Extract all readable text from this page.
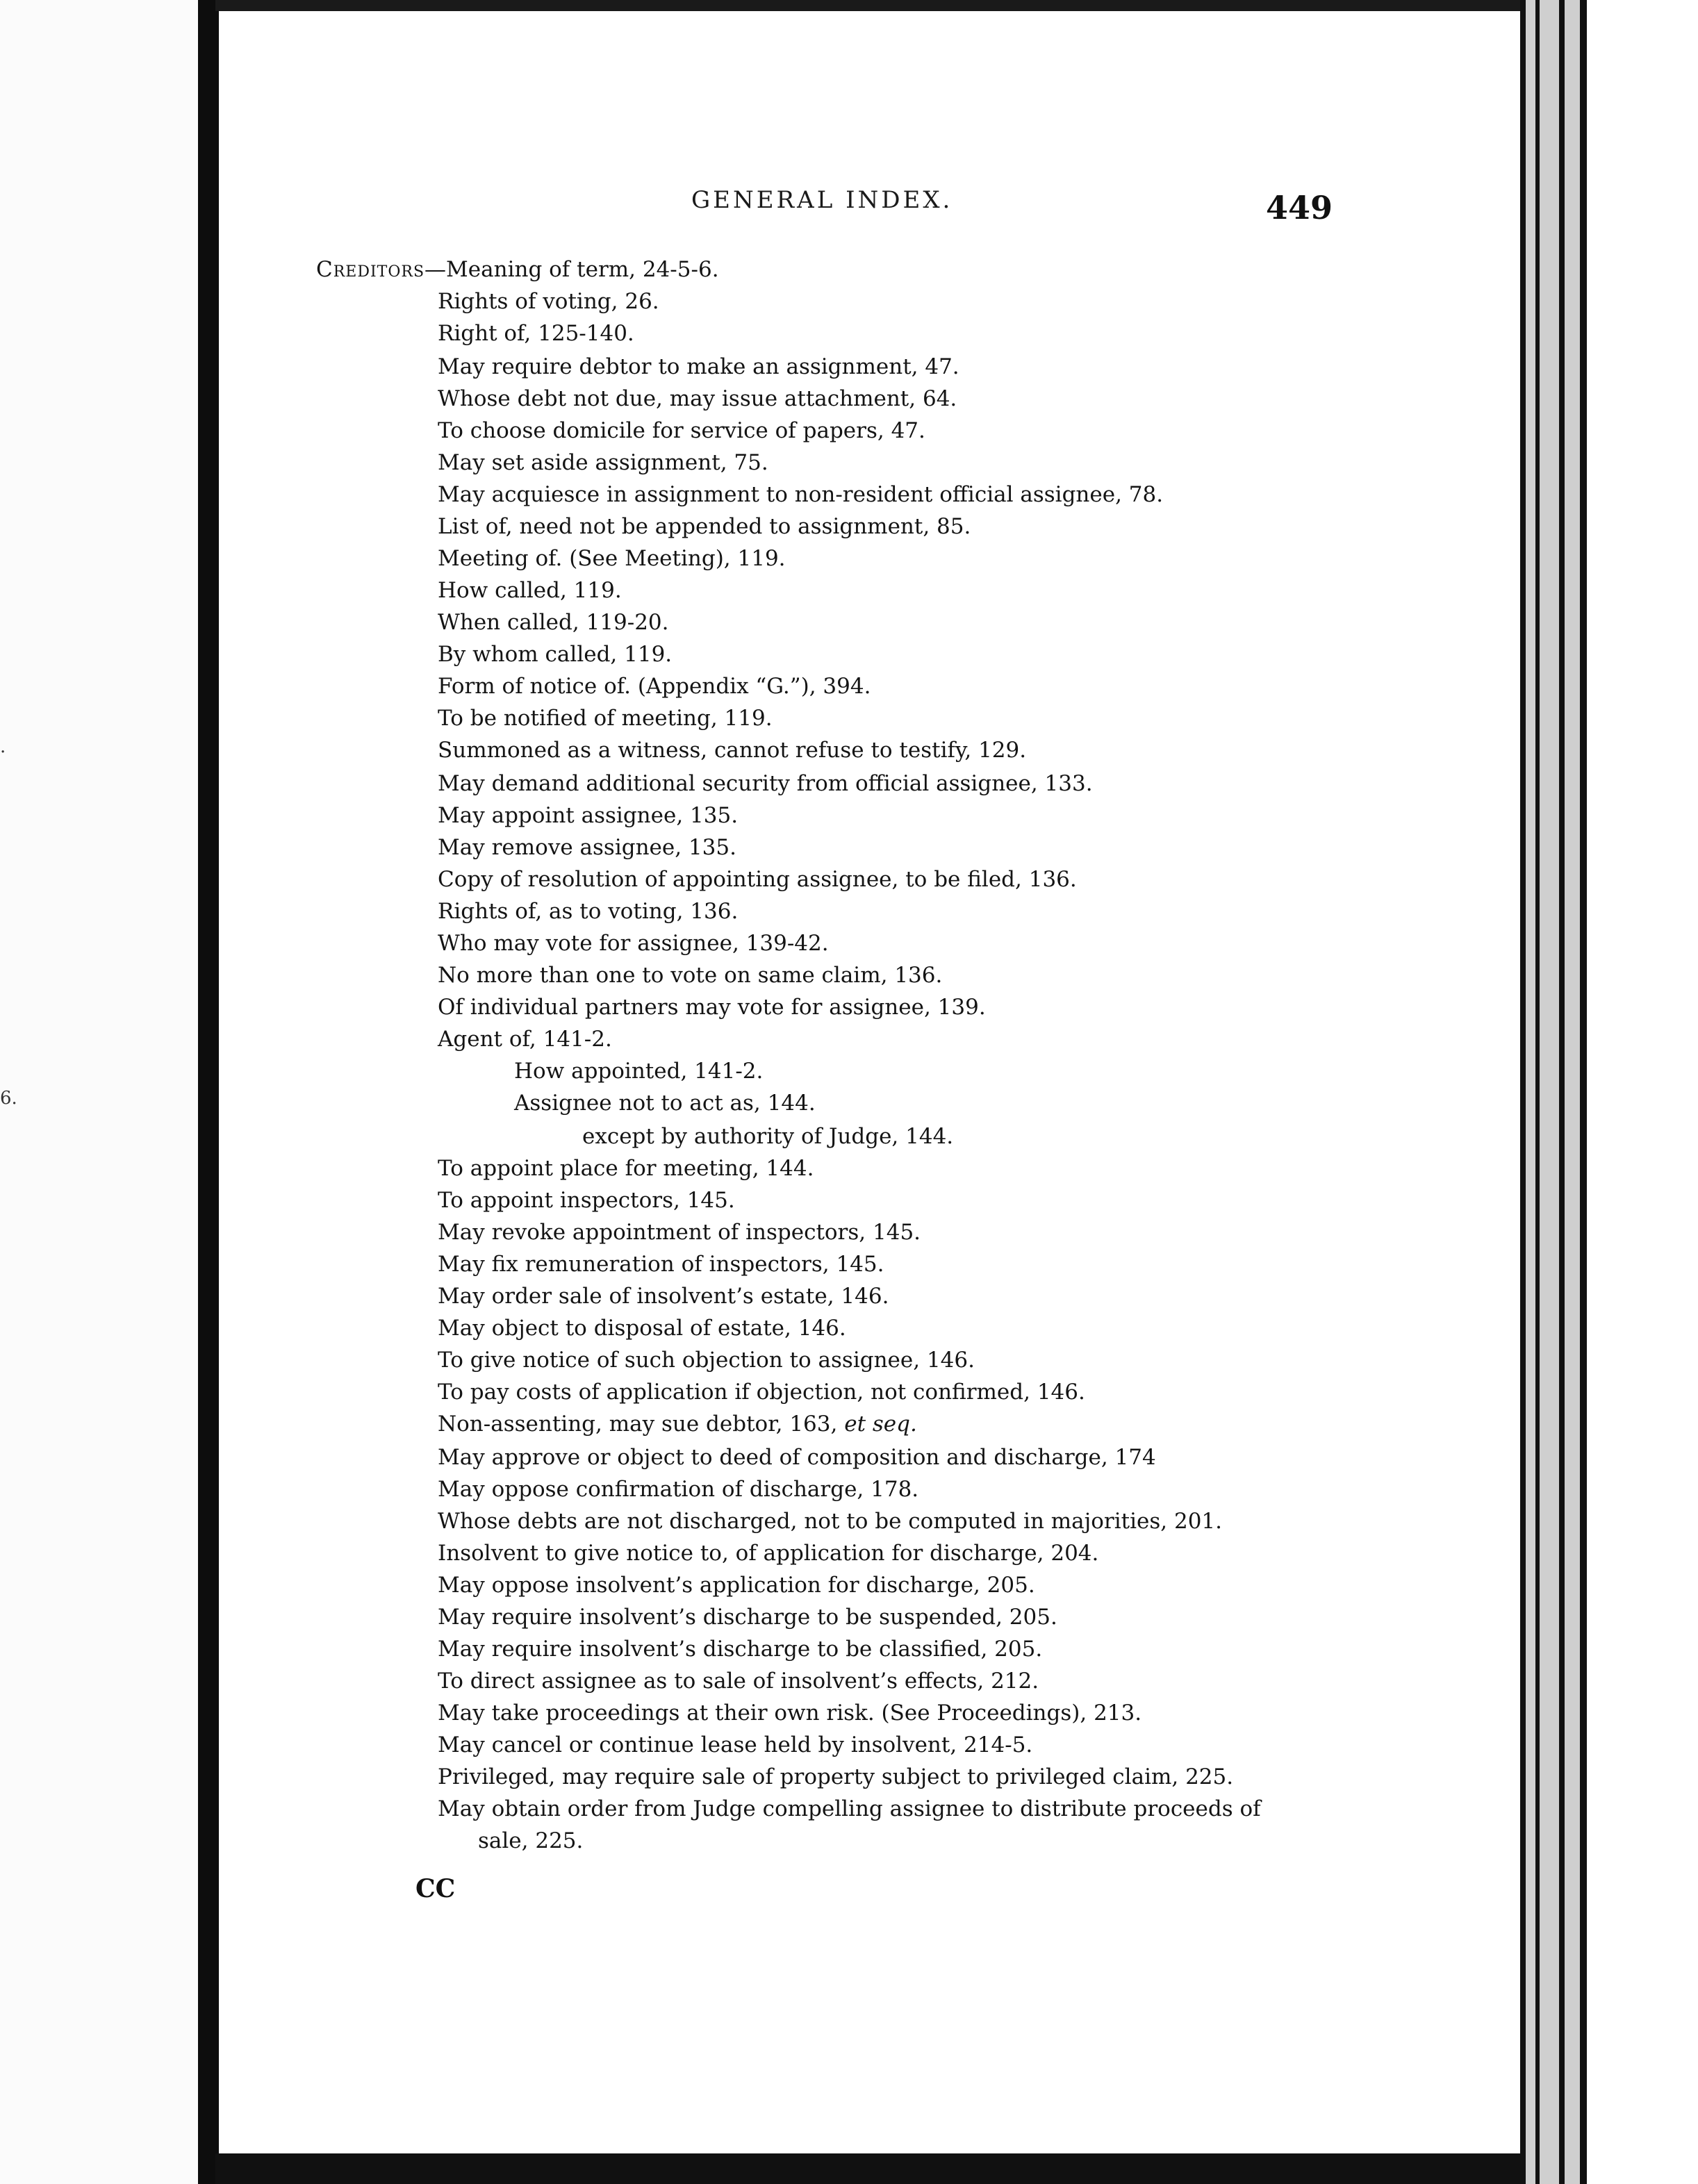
.
6.
GENERAL INDEX.	449
Creditors—Meaning of term, 24-5-6.
Rights of voting, 26.
Right of, 125-140.
May require debtor to make an assignment, 47.
Whose debt not due, may issue attachment, 64.
To choose domicile for service of papers, 47.
May set aside assignment, 75.
May acquiesce in assignment to non-resident official assignee, 78.
List of, need not be appended to assignment, 85.
Meeting of. (See Meeting), 119.
How called, 119.
When called, 119-20.
By whom called, 119.
Form of notice of. (Appendix “G.”), 394.
To be notified of meeting, 119.
Summoned as a witness, cannot refuse to testify, 129.
May demand additional security from official assignee, 133.
May appoint assignee, 135.
May remove assignee, 135.
Copy of resolution of appointing assignee, to be filed, 136.
Rights of, as to voting, 136.
Who may vote for assignee, 139-42.
No more than one to vote on same claim, 136.
Of individual partners may vote for assignee, 139.
Agent of, 141-2.
How appointed, 141-2.
Assignee not to act as, 144.
except by authority of Judge, 144.
To appoint place for meeting, 144.
To appoint inspectors, 145.
May revoke appointment of inspectors, 145.
May fix remuneration of inspectors, 145.
May order sale of insolvent’s estate, 146.
May object to disposal of estate, 146.
To give notice of such objection to assignee, 146.
To pay costs of application if objection, not confirmed, 146.
Non-assenting, may sue debtor, 163, et seq.
May approve or object to deed of composition and discharge, 174
May oppose confirmation of discharge, 178.
Whose debts are not discharged, not to be computed in majorities, 201.
Insolvent to give notice to, of application for discharge, 204.
May oppose insolvent’s application for discharge, 205.
May require insolvent’s discharge to be suspended, 205.
May require insolvent’s discharge to be classified, 205.
To direct assignee as to sale of insolvent’s effects, 212.
May take proceedings at their own risk. (See Proceedings), 213.
May cancel or continue lease held by insolvent, 214-5.
Privileged, may require sale of property subject to privileged claim, 225.
May obtain order from Judge compelling assignee to distribute proceeds of
sale, 225.
CC
